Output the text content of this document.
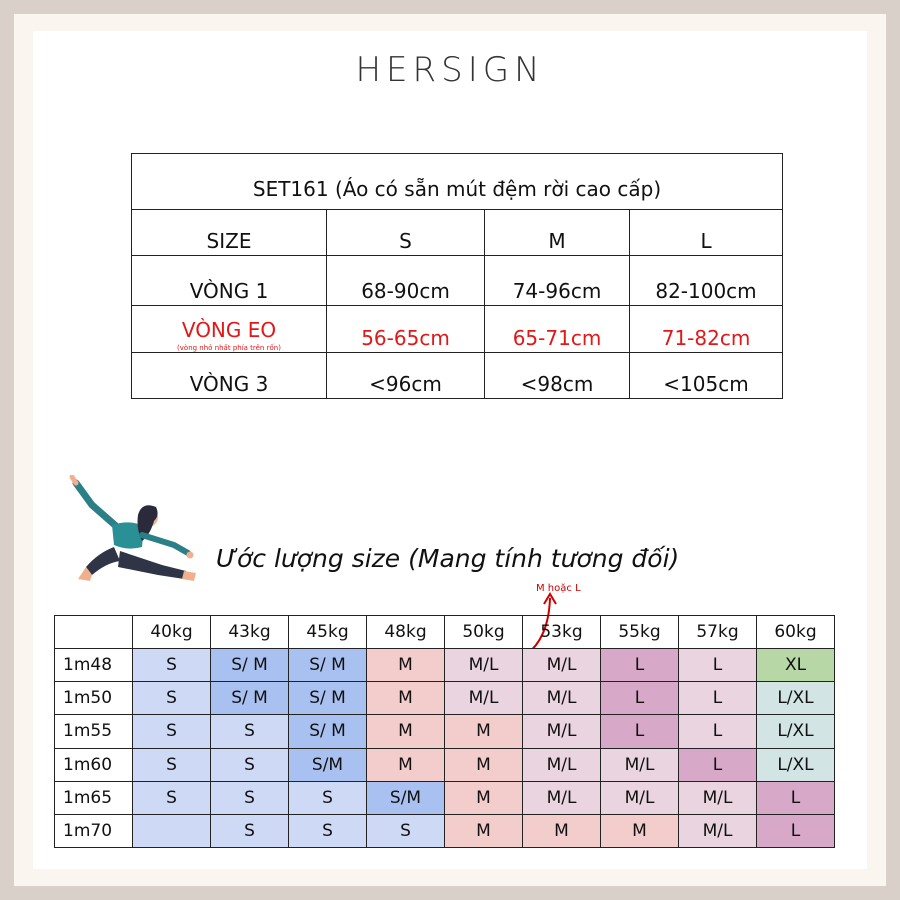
HERSIGN
SET161 (Áo có sẵn mút đệm rời cao cấp)			
SIZE	S	M	L
VÒNG 1	68-90cm	74-96cm	82-100cm
VÒNG EO
(vòng nhỏ nhất phía trên rốn)	56-65cm	65-71cm	71-82cm
VÒNG 3	<96cm	<98cm	<105cm
Ước lượng size (Mang tính tương đối)
M hoặc L
	40kg	43kg	45kg	48kg	50kg	53kg	55kg	57kg	60kg
1m48	S	S/ M	S/ M	M	M/L	M/L	L	L	XL
1m50	S	S/ M	S/ M	M	M/L	M/L	L	L	L/XL
1m55	S	S	S/ M	M	M	M/L	L	L	L/XL
1m60	S	S	S/M	M	M	M/L	M/L	L	L/XL
1m65	S	S	S	S/M	M	M/L	M/L	M/L	L
1m70		S	S	S	M	M	M	M/L	L
